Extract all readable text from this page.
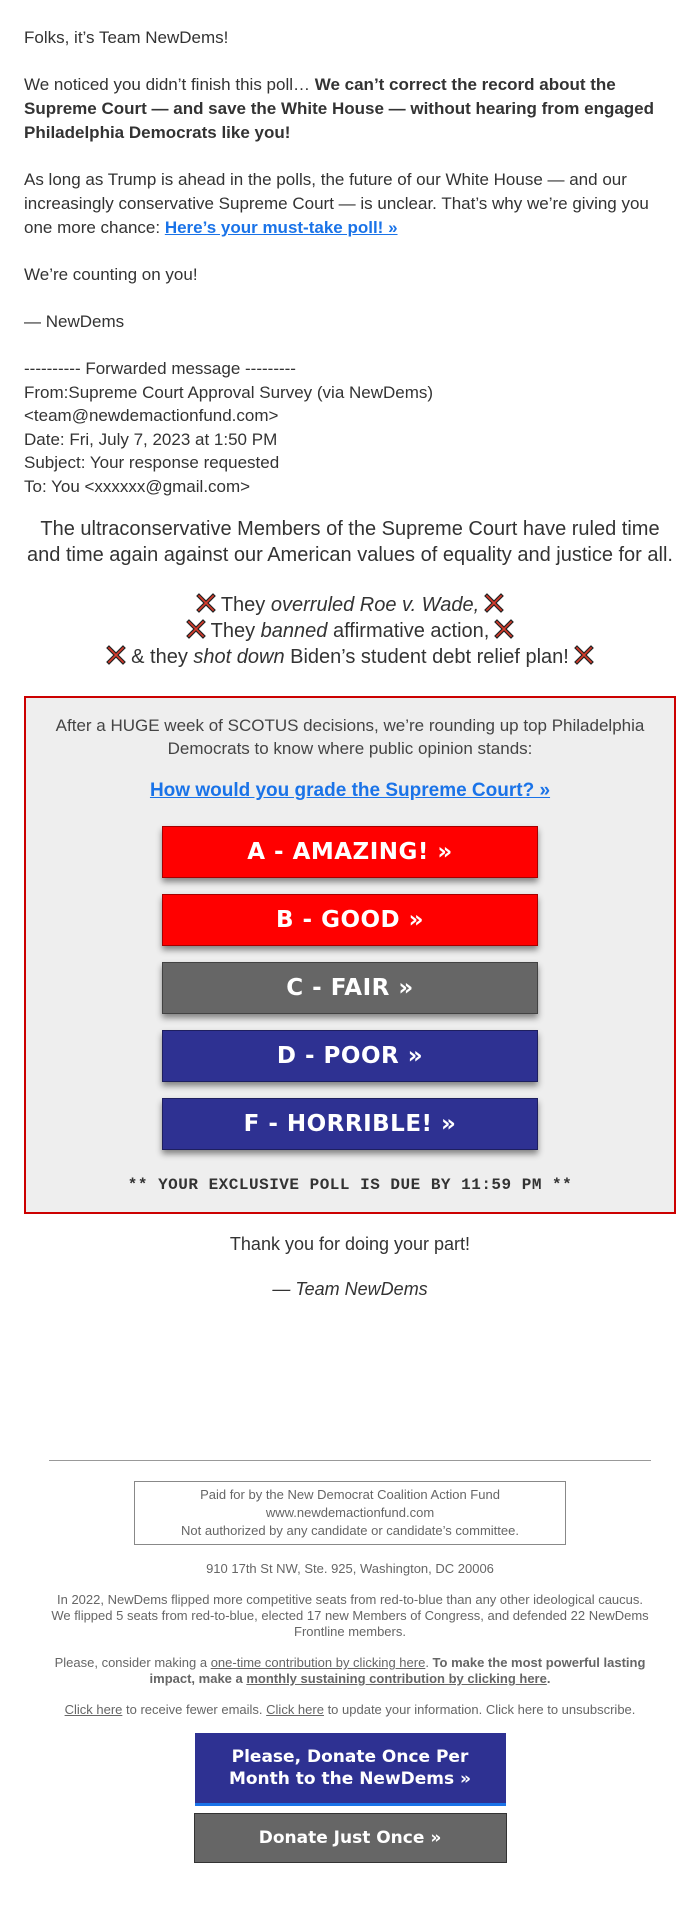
Folks, it’s Team NewDems!

We noticed you didn’t finish this poll… We can’t correct the record about the Supreme Court — and save the White House — without hearing from engaged Philadelphia Democrats like you!

As long as Trump is ahead in the polls, the future of our White House — and our increasingly conservative Supreme Court — is unclear. That’s why we’re giving you one more chance: Here’s your must-take poll! »

We’re counting on you!

— NewDems

---------- Forwarded message ---------
From:Supreme Court Approval Survey (via NewDems)
<team@newdemactionfund.com>
Date: Fri, July 7, 2023 at 1:50 PM
Subject: Your response requested
To: You <xxxxxx@gmail.com>

The ultraconservative Members of the Supreme Court have ruled time and time again against our American values of equality and justice for all.

They overruled Roe v. Wade,
They banned affirmative action,
& they shot down Biden’s student debt relief plan!

After a HUGE week of SCOTUS decisions, we’re rounding up top Philadelphia Democrats to know where public opinion stands:

How would you grade the Supreme Court? »

A - AMAZING! »
B - GOOD »
C - FAIR »
D - POOR »
F - HORRIBLE! »
** YOUR EXCLUSIVE POLL IS DUE BY 11:59 PM **

Thank you for doing your part!

— Team NewDems

Paid for by the New Democrat Coalition Action Fund
www.newdemactionfund.com
Not authorized by any candidate or candidate’s committee.

910 17th St NW, Ste. 925, Washington, DC 20006

In 2022, NewDems flipped more competitive seats from red-to-blue than any other ideological caucus. We flipped 5 seats from red-to-blue, elected 17 new Members of Congress, and defended 22 NewDems Frontline members.

Please, consider making a one-time contribution by clicking here. To make the most powerful lasting impact, make a monthly sustaining contribution by clicking here.

Click here to receive fewer emails. Click here to update your information. Click here to unsubscribe.

Please, Donate Once Per Month to the NewDems »
Donate Just Once »
